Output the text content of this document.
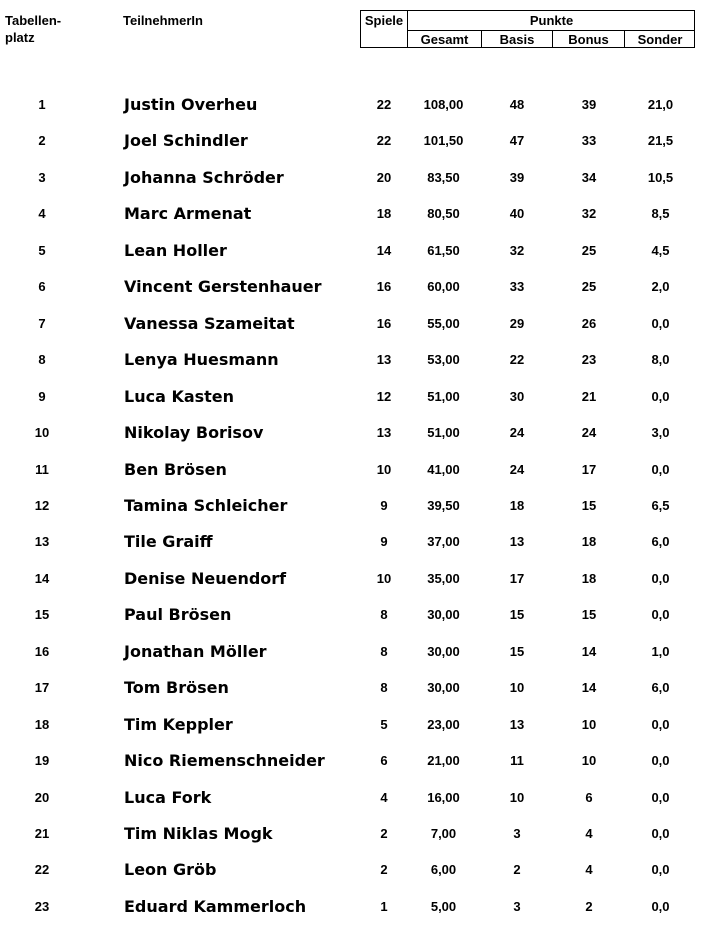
Tabellen-
platz
TeilnehmerIn	Spiele	Punkte
Gesamt	Basis	Bonus	Sonder
1	Justin Overheu	22	108,00	48	39	21,0
2	Joel Schindler	22	101,50	47	33	21,5
3	Johanna Schröder	20	83,50	39	34	10,5
4	Marc Armenat	18	80,50	40	32	8,5
5	Lean Holler	14	61,50	32	25	4,5
6	Vincent Gerstenhauer	16	60,00	33	25	2,0
7	Vanessa Szameitat	16	55,00	29	26	0,0
8	Lenya Huesmann	13	53,00	22	23	8,0
9	Luca Kasten	12	51,00	30	21	0,0
10	Nikolay Borisov	13	51,00	24	24	3,0
11	Ben Brösen	10	41,00	24	17	0,0
12	Tamina Schleicher	9	39,50	18	15	6,5
13	Tile Graiff	9	37,00	13	18	6,0
14	Denise Neuendorf	10	35,00	17	18	0,0
15	Paul Brösen	8	30,00	15	15	0,0
16	Jonathan Möller	8	30,00	15	14	1,0
17	Tom Brösen	8	30,00	10	14	6,0
18	Tim Keppler	5	23,00	13	10	0,0
19	Nico Riemenschneider	6	21,00	11	10	0,0
20	Luca Fork	4	16,00	10	6	0,0
21	Tim Niklas Mogk	2	7,00	3	4	0,0
22	Leon Gröb	2	6,00	2	4	0,0
23	Eduard Kammerloch	1	5,00	3	2	0,0
